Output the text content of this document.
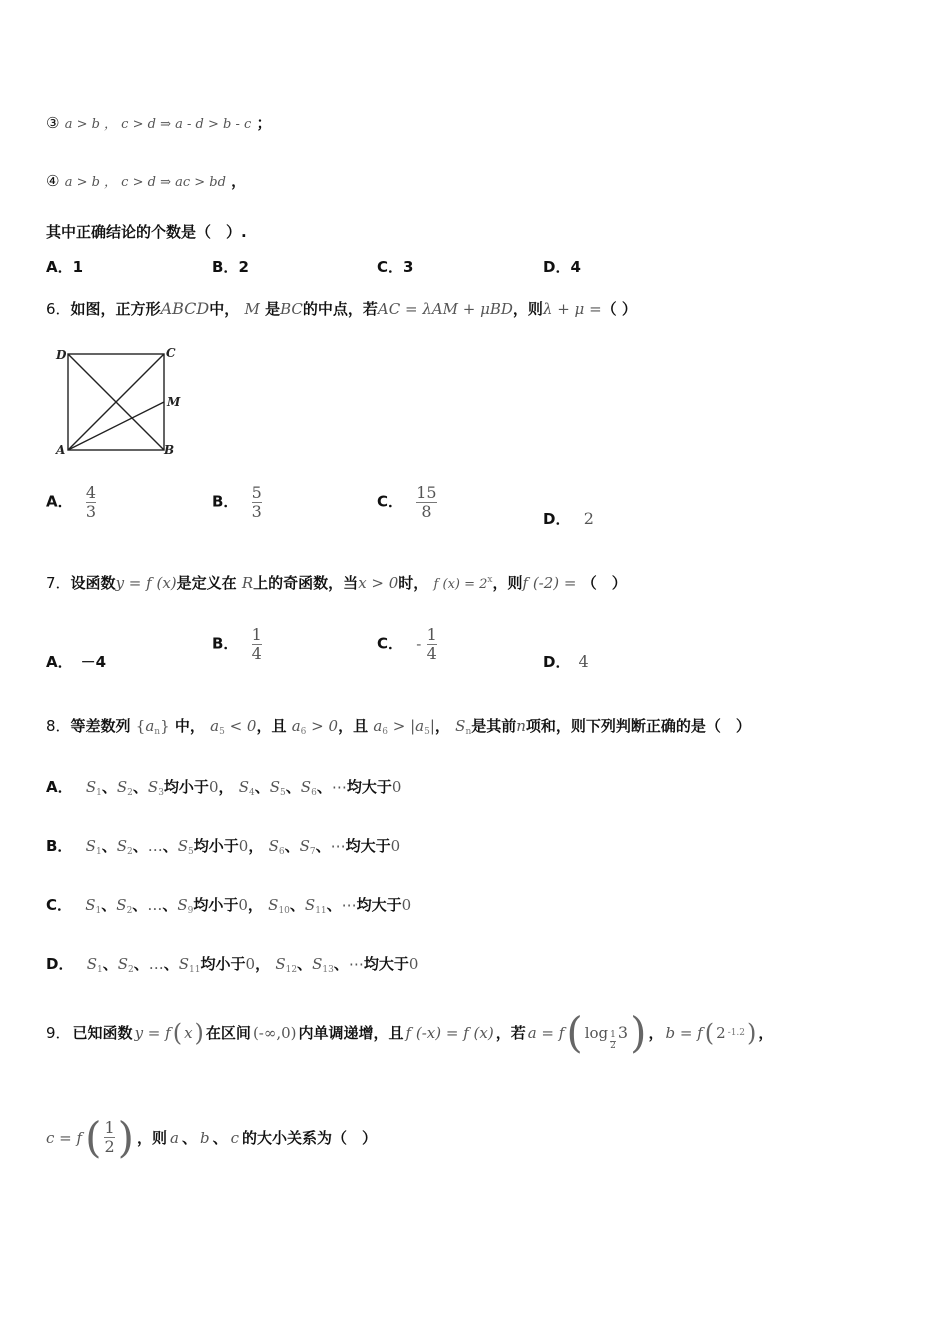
③ a > b ， c > d ⇒ a - d > b - c ；
④ a > b ， c > d ⇒ ac > bd ，
其中正确结论的个数是（　）.
A．1	B．2	C．3	D．4
6．如图，正方形ABCD中， M 是BC的中点，若AC = λAM + μBD，则λ + μ =（ ）
D	C
M
A	B
A． $\frac{4}{3}$	B． $\frac{5}{3}$	C． $\frac{15}{8}$	D． 2
7．设函数y = f (x)是定义在 R上的奇函数，当x > 0时， f $(x) = 2^x$，则f (-2) = （　）
A． －4
B． $\frac{1}{4}$	C． - $\frac{1}{4}$	D． 4
8．等差数列 $\{a_n\}$ 中， $a_5 < 0$，且 $a_6 > 0$，且 $a_6 > |a_5|$， $S_n$是其前n项和，则下列判断正确的是（　）
A． $S_1$、$S_2$、$S_3$均小于0， $S_4$、$S_5$、$S_6$、⋯均大于0
B． $S_1$、$S_2$、…、$S_5$均小于0， $S_6$、$S_7$、⋯均大于0
C． $S_1$、$S_2$、…、$S_9$均小于0， $S_{10}$、$S_{11}$、⋯均大于0
D． $S_1$、$S_2$、…、$S_{11}$均小于0， $S_{12}$、$S_{13}$、⋯均大于0
9． 已知函数 y = f ( x ) 在区间 (-∞,0) 内单调递增，且 f (-x) = f (x) ，若 a = f ( $\log \frac{1}{2} 3$ ) ， b = f ( 2 -1.2 ) ，
c = f ( $\frac{1}{2}$ ) ，则 a 、 b 、 c 的大小关系为（　）
